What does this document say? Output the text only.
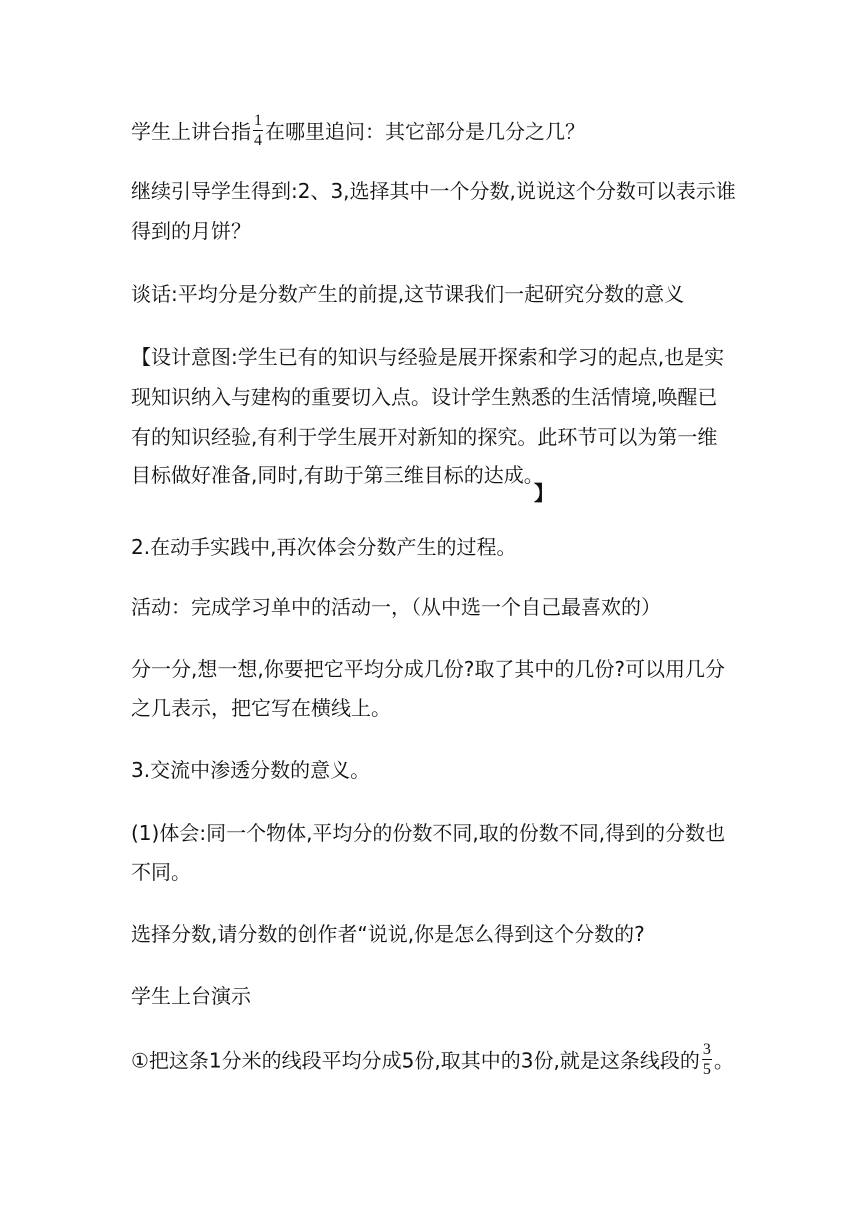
学生上讲台指 $\frac{1}{4}$ 在哪里追问：其它部分是几分之几？
继续引导学生得到:2、3,选择其中一个分数,说说这个分数可以表示谁
得到的月饼？
谈话:平均分是分数产生的前提,这节课我们一起研究分数的意义
【设计意图:学生已有的知识与经验是展开探索和学习的起点,也是实
现知识纳入与建构的重要切入点。设计学生熟悉的生活情境,唤醒已
有的知识经验,有利于学生展开对新知的探究。此环节可以为第一维
目标做好准备,同时,有助于第三维目标的达成。
】
2.在动手实践中,再次体会分数产生的过程。
活动：完成学习单中的活动一，（从中选一个自己最喜欢的）
分一分,想一想,你要把它平均分成几份?取了其中的几份?可以用几分
之几表示，把它写在横线上。
3.交流中渗透分数的意义。
(1)体会:同一个物体,平均分的份数不同,取的份数不同,得到的分数也
不同。
选择分数,请分数的创作者“说说,你是怎么得到这个分数的?
学生上台演示
①把这条1分米的线段平均分成5份,取其中的3份,就是这条线段的 $\frac{3}{5}$ 。
